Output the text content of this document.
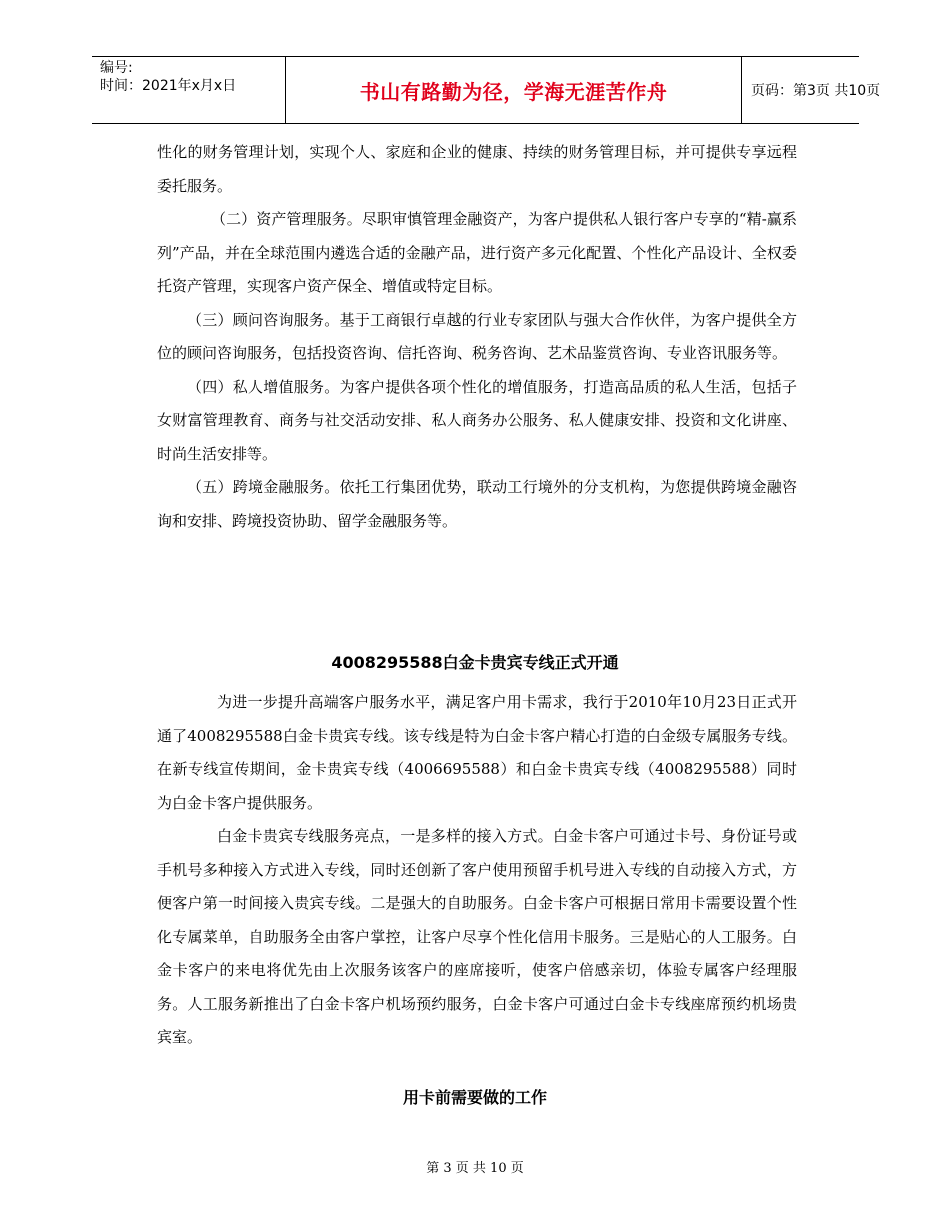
编号:
时间：2021年x月x日	书山有路勤为径，学海无涯苦作舟	页码：第3页 共10页

性化的财务管理计划，实现个人、家庭和企业的健康、持续的财务管理目标，并可提供专享远程委托服务。

（二）资产管理服务。尽职审慎管理金融资产，为客户提供私人银行客户专享的“精-赢系列”产品，并在全球范围内遴选合适的金融产品，进行资产多元化配置、个性化产品设计、全权委托资产管理，实现客户资产保全、增值或特定目标。

（三）顾问咨询服务。基于工商银行卓越的行业专家团队与强大合作伙伴，为客户提供全方位的顾问咨询服务，包括投资咨询、信托咨询、税务咨询、艺术品鉴赏咨询、专业咨讯服务等。

（四）私人增值服务。为客户提供各项个性化的增值服务，打造高品质的私人生活，包括子女财富管理教育、商务与社交活动安排、私人商务办公服务、私人健康安排、投资和文化讲座、时尚生活安排等。

（五）跨境金融服务。依托工行集团优势，联动工行境外的分支机构，为您提供跨境金融咨询和安排、跨境投资协助、留学金融服务等。

4008295588白金卡贵宾专线正式开通

为进一步提升高端客户服务水平，满足客户用卡需求，我行于2010年10月23日正式开通了4008295588白金卡贵宾专线。该专线是特为白金卡客户精心打造的白金级专属服务专线。在新专线宣传期间，金卡贵宾专线（4006695588）和白金卡贵宾专线（4008295588）同时为白金卡客户提供服务。

白金卡贵宾专线服务亮点，一是多样的接入方式。白金卡客户可通过卡号、身份证号或手机号多种接入方式进入专线，同时还创新了客户使用预留手机号进入专线的自动接入方式，方便客户第一时间接入贵宾专线。二是强大的自助服务。白金卡客户可根据日常用卡需要设置个性化专属菜单，自助服务全由客户掌控，让客户尽享个性化信用卡服务。三是贴心的人工服务。白金卡客户的来电将优先由上次服务该客户的座席接听，使客户倍感亲切，体验专属客户经理服务。人工服务新推出了白金卡客户机场预约服务，白金卡客户可通过白金卡专线座席预约机场贵宾室。

用卡前需要做的工作
第 3 页 共 10 页
